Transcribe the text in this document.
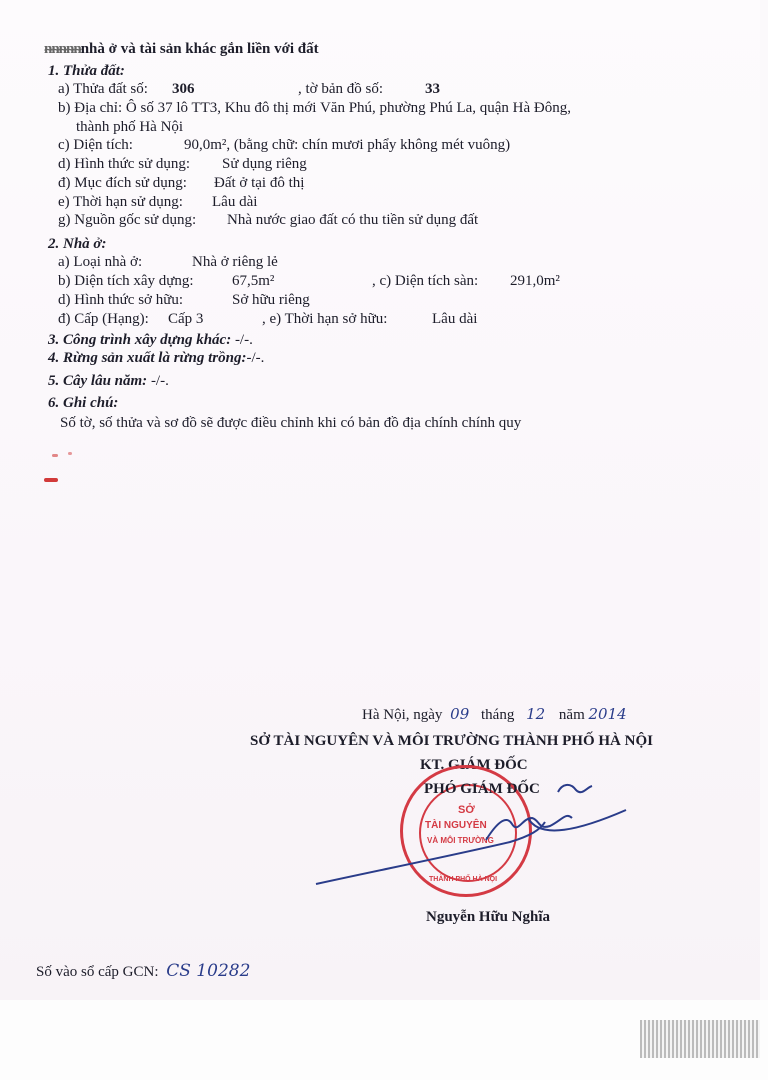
ᵰᵰᵰᵰᵰnhà ở và tài sản khác gắn liền với đất
1. Thửa đất:
a) Thửa đất số: 306	, tờ bản đồ số:	33
b) Địa chỉ: Ô số 37 lô TT3, Khu đô thị mới Văn Phú, phường Phú La, quận Hà Đông,
thành phố Hà Nội
c) Diện tích:	90,0m², (bằng chữ: chín mươi phẩy không mét vuông)
d) Hình thức sử dụng: Sử dụng riêng
đ) Mục đích sử dụng: Đất ở tại đô thị
e) Thời hạn sử dụng: Lâu dài
g) Nguồn gốc sử dụng: Nhà nước giao đất có thu tiền sử dụng đất
2. Nhà ở:
a) Loại nhà ở:	Nhà ở riêng lẻ
b) Diện tích xây dựng:	67,5m²	, c) Diện tích sàn: 291,0m²
d) Hình thức sở hữu:	Sở hữu riêng
đ) Cấp (Hạng): Cấp 3	, e) Thời hạn sở hữu:	Lâu dài
3. Công trình xây dựng khác: -/-.
4. Rừng sản xuất là rừng trồng:-/-.
5. Cây lâu năm: -/-.
6. Ghi chú:
Số tờ, số thửa và sơ đồ sẽ được điều chỉnh khi có bản đồ địa chính chính quy
Hà Nội, ngày 09 tháng 12 năm 2014
SỞ TÀI NGUYÊN VÀ MÔI TRƯỜNG THÀNH PHỐ HÀ NỘI
KT. GIÁM ĐỐC
SỞ
TÀI NGUYÊN
VÀ MÔI TRƯỜNG
THÀNH PHỐ HÀ NỘI
PHÓ GIÁM ĐỐC
Nguyễn Hữu Nghĩa
Số vào sổ cấp GCN: CS 10282
